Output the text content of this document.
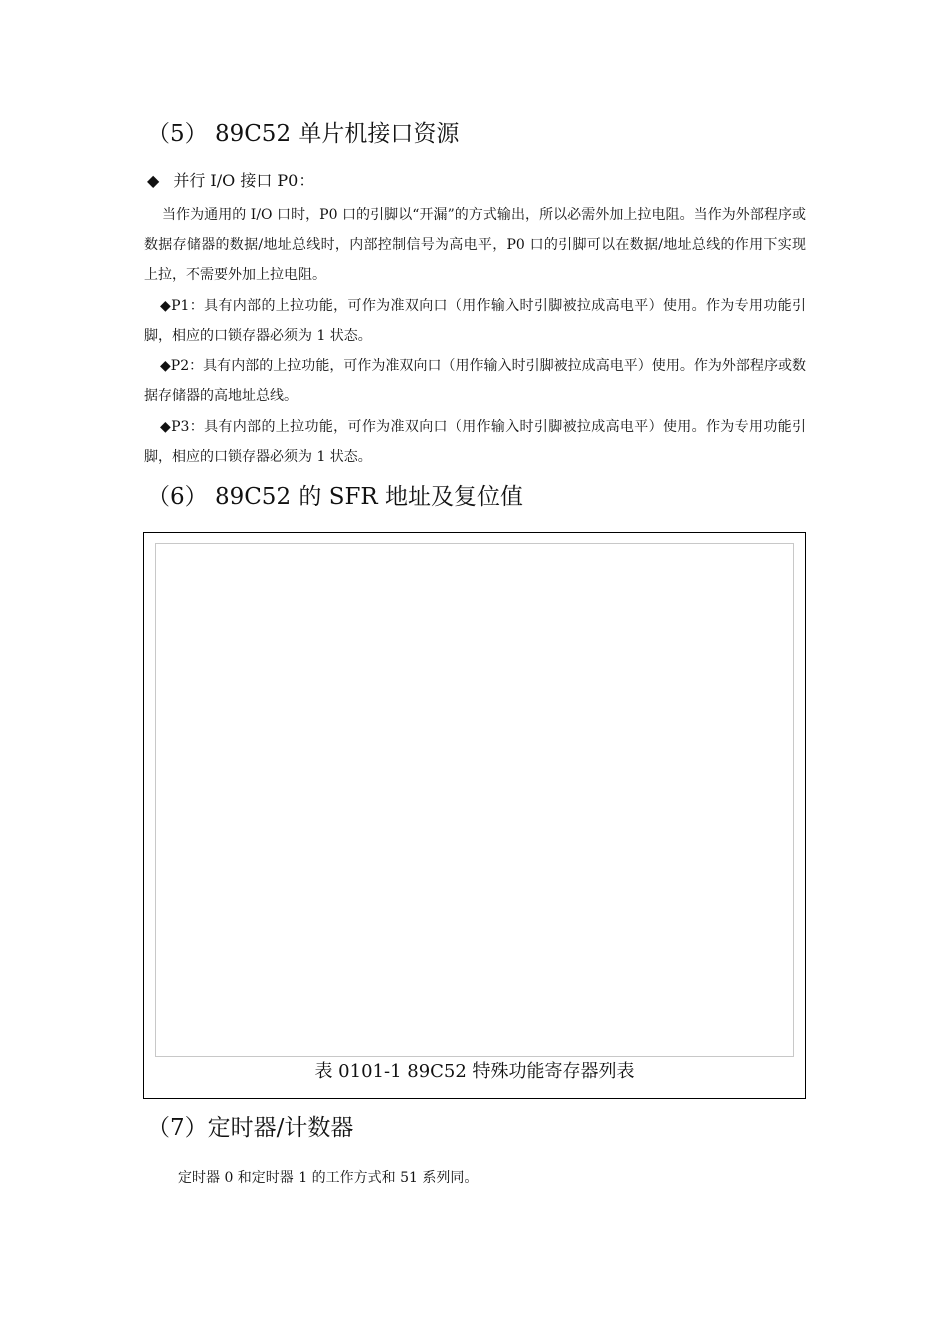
（5） 89C52 单片机接口资源
◆ 并行 I/O 接口 P0：
当作为通用的 I/O 口时，P0 口的引脚以“开漏”的方式输出，所以必需外加上拉电阻。当作为外部程序或数据存储器的数据/地址总线时，内部控制信号为高电平，P0 口的引脚可以在数据/地址总线的作用下实现上拉，不需要外加上拉电阻。
◆P1：具有内部的上拉功能，可作为准双向口（用作输入时引脚被拉成高电平）使用。作为专用功能引脚，相应的口锁存器必须为 1 状态。
◆P2：具有内部的上拉功能，可作为准双向口（用作输入时引脚被拉成高电平）使用。作为外部程序或数据存储器的高地址总线。
◆P3：具有内部的上拉功能，可作为准双向口（用作输入时引脚被拉成高电平）使用。作为专用功能引脚，相应的口锁存器必须为 1 状态。
（6） 89C52 的 SFR 地址及复位值
表 0101-1 89C52 特殊功能寄存器列表
（7）定时器/计数器
定时器 0 和定时器 1 的工作方式和 51 系列同。
